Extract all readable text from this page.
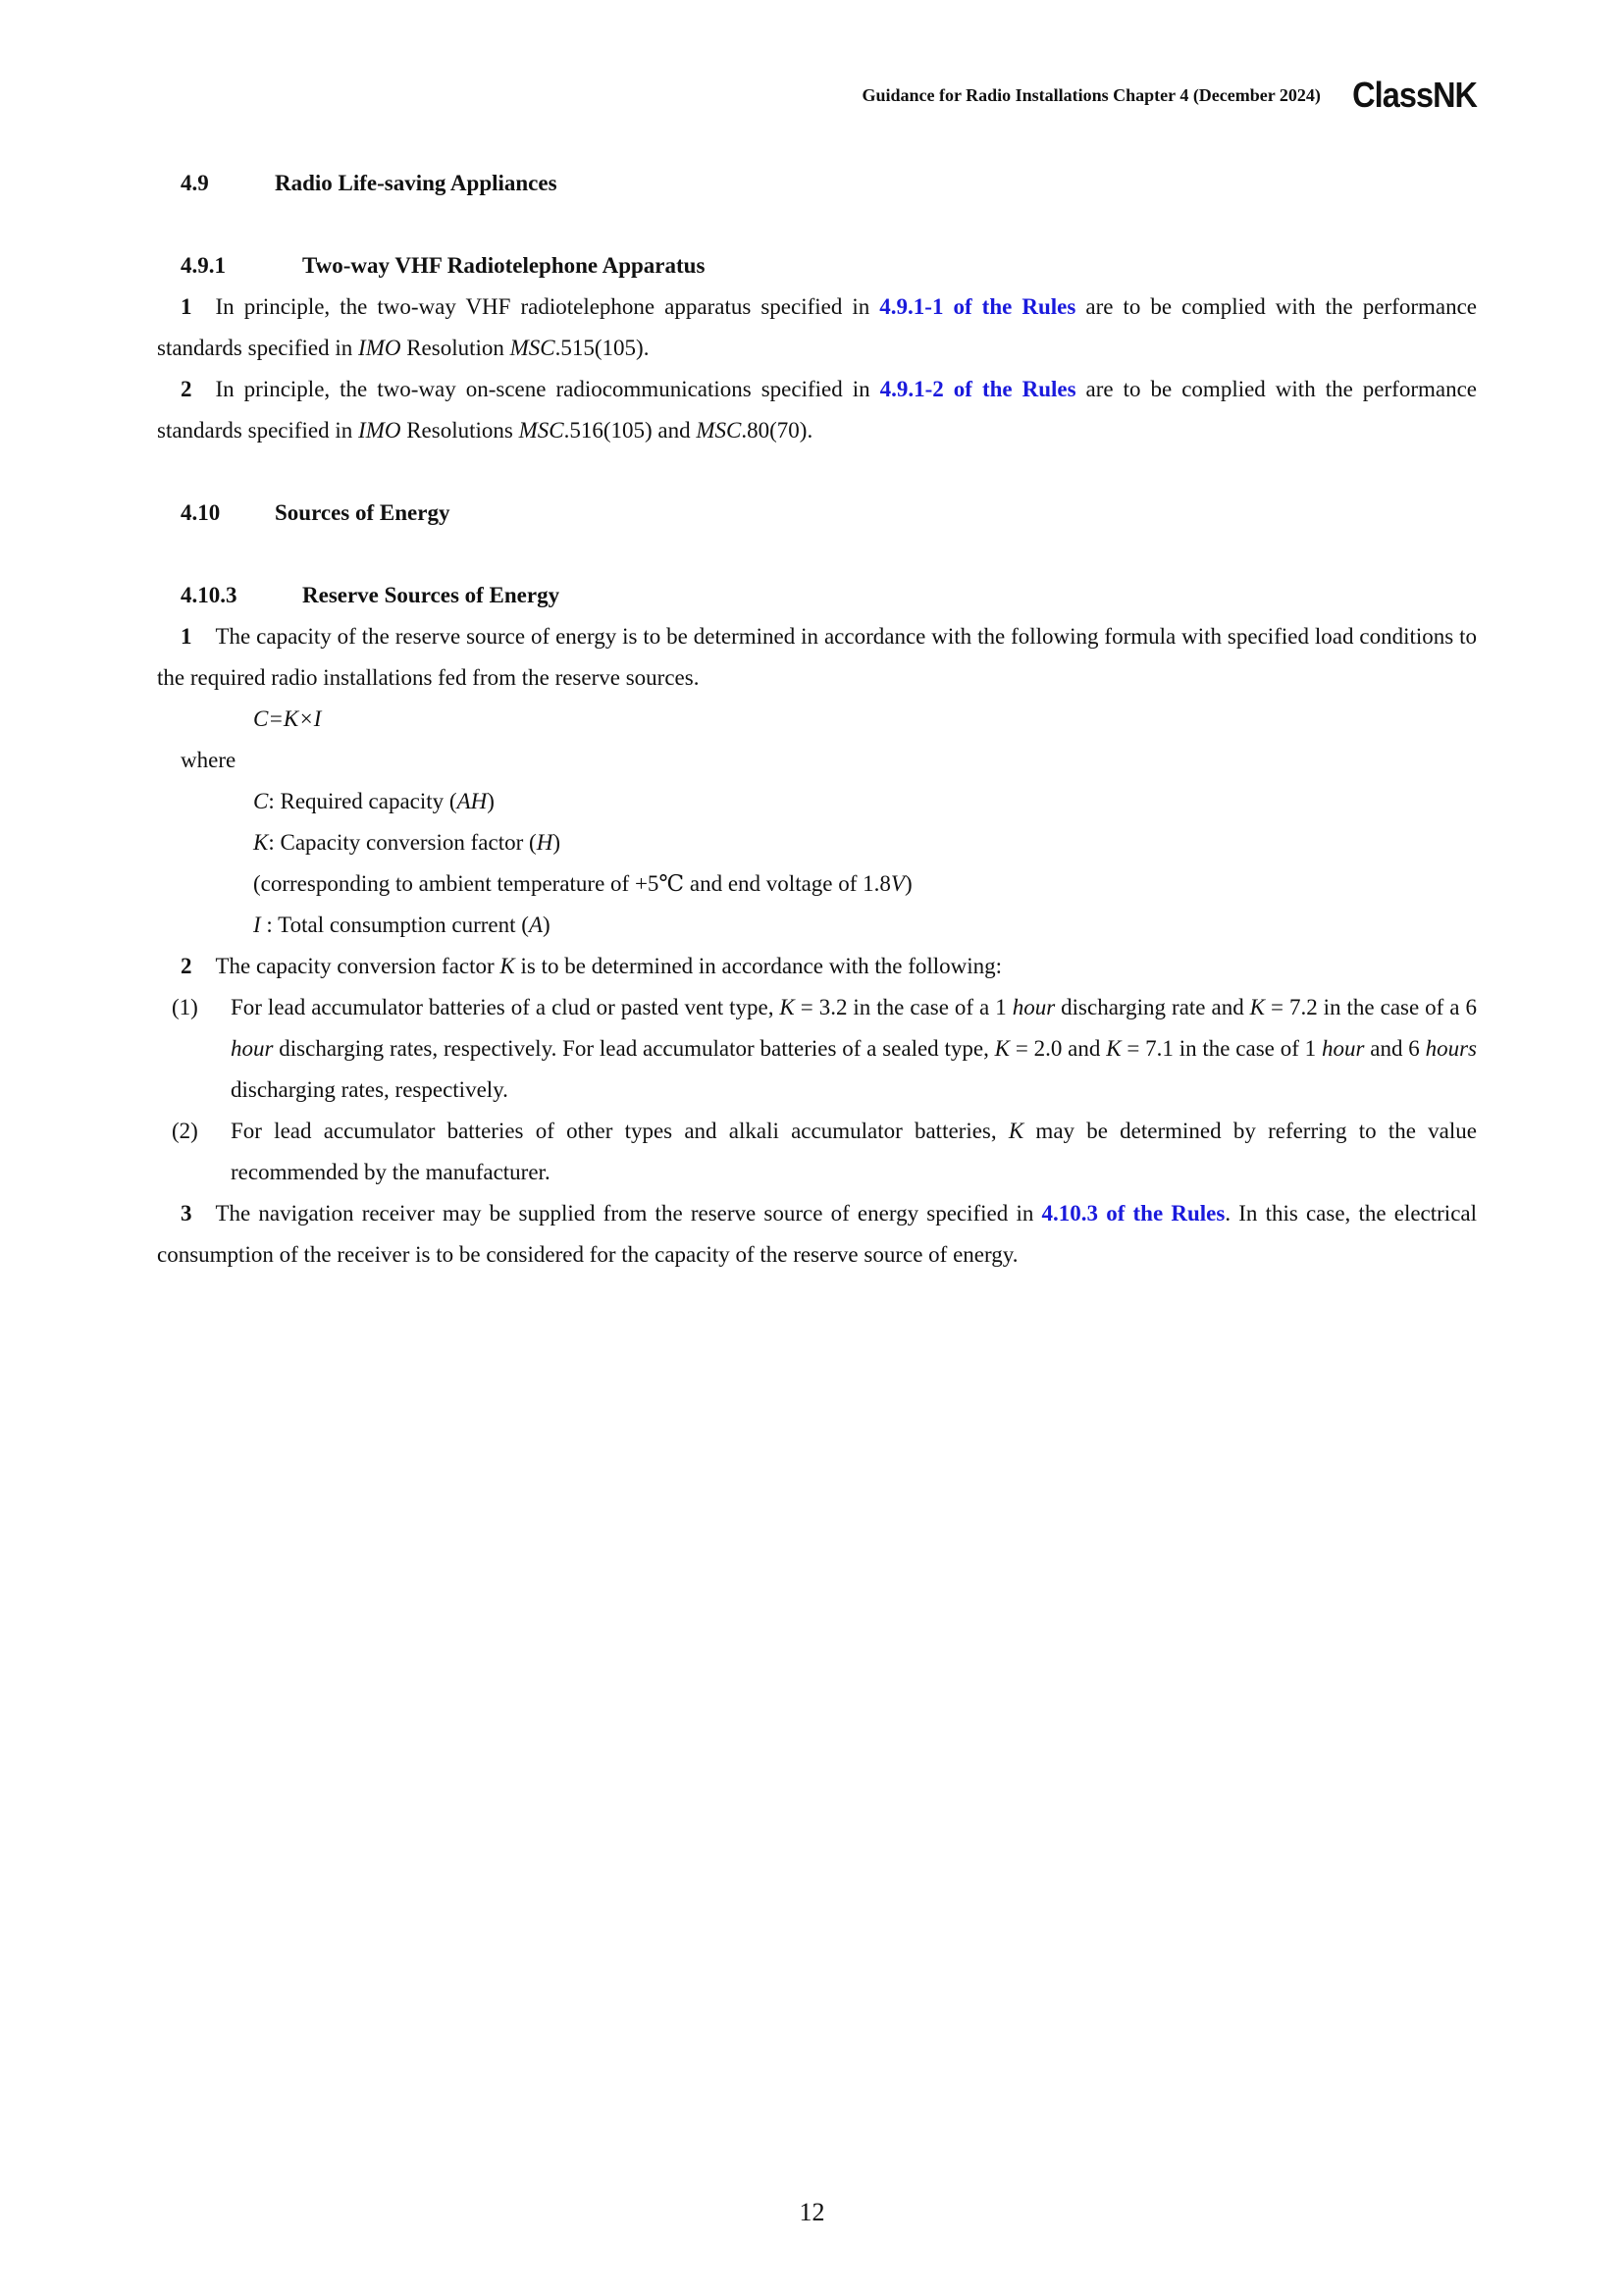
Guidance for Radio Installations Chapter 4 (December 2024) ClassNK
4.9	Radio Life-saving Appliances
4.9.1	Two-way VHF Radiotelephone Apparatus
1 In principle, the two-way VHF radiotelephone apparatus specified in 4.9.1-1 of the Rules are to be complied with the performance standards specified in IMO Resolution MSC.515(105).
2 In principle, the two-way on-scene radiocommunications specified in 4.9.1-2 of the Rules are to be complied with the performance standards specified in IMO Resolutions MSC.516(105) and MSC.80(70).
4.10	Sources of Energy
4.10.3	Reserve Sources of Energy
1 The capacity of the reserve source of energy is to be determined in accordance with the following formula with specified load conditions to the required radio installations fed from the reserve sources.
C=K×I
where
C: Required capacity (AH)
K: Capacity conversion factor (H)
(corresponding to ambient temperature of +5℃ and end voltage of 1.8V)
I : Total consumption current (A)
2 The capacity conversion factor K is to be determined in accordance with the following:
(1)	For lead accumulator batteries of a clud or pasted vent type, K = 3.2 in the case of a 1 hour discharging rate and K = 7.2 in the case of a 6 hour discharging rates, respectively. For lead accumulator batteries of a sealed type, K = 2.0 and K = 7.1 in the case of 1 hour and 6 hours discharging rates, respectively.
(2)	For lead accumulator batteries of other types and alkali accumulator batteries, K may be determined by referring to the value recommended by the manufacturer.
3 The navigation receiver may be supplied from the reserve source of energy specified in 4.10.3 of the Rules. In this case, the electrical consumption of the receiver is to be considered for the capacity of the reserve source of energy.
12
